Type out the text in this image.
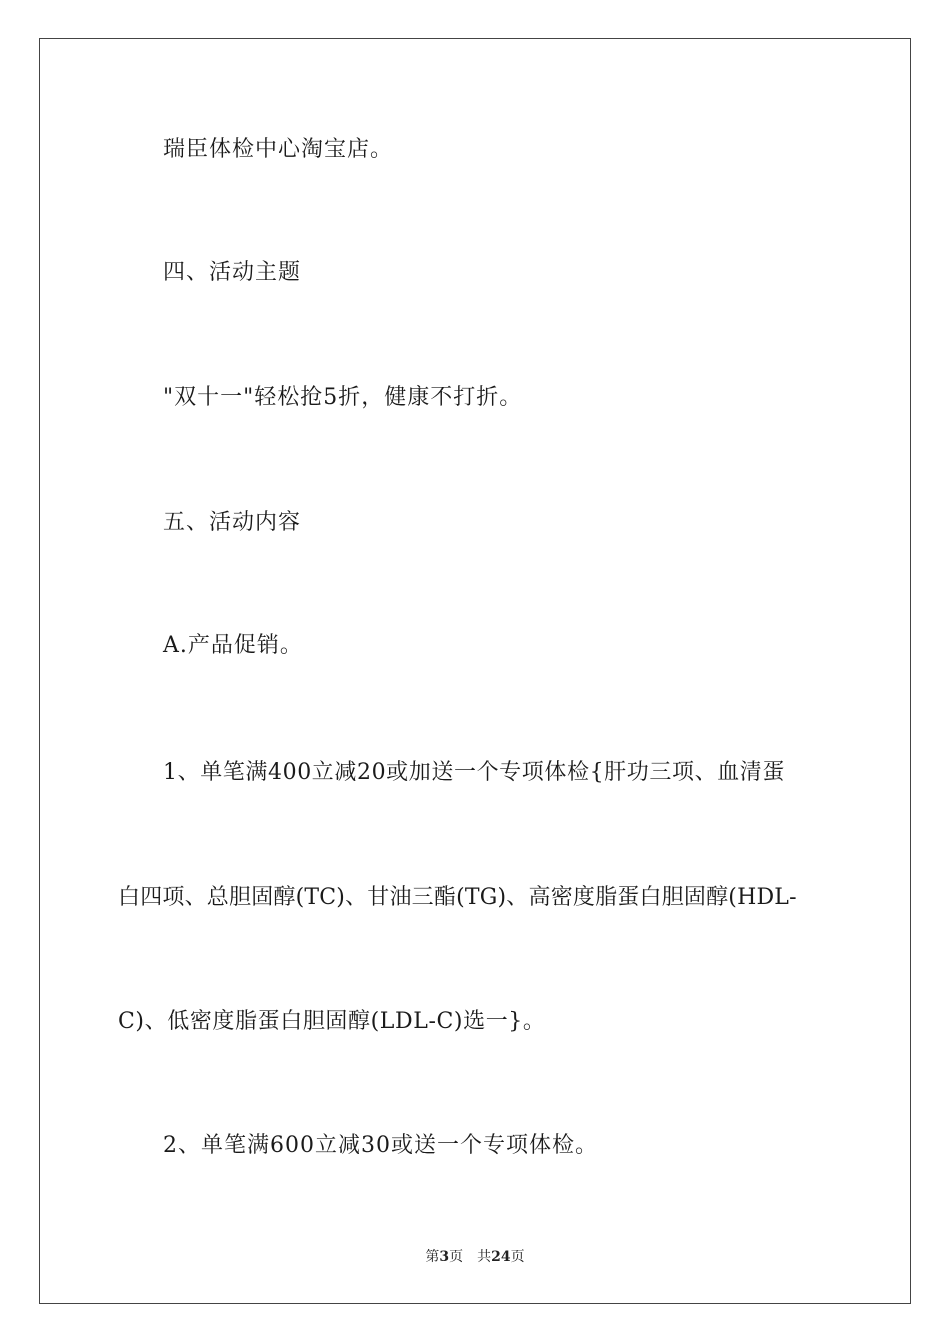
瑞臣体检中心淘宝店。
四、活动主题
"双十一"轻松抢5折，健康不打折。
五、活动内容
A.产品促销。
1、单笔满400立减20或加送一个专项体检{肝功三项、血清蛋
白四项、总胆固醇(TC)、甘油三酯(TG)、高密度脂蛋白胆固醇(HDL-
C)、低密度脂蛋白胆固醇(LDL-C)选一}。
2、单笔满600立减30或送一个专项体检。
第3页 共24页
